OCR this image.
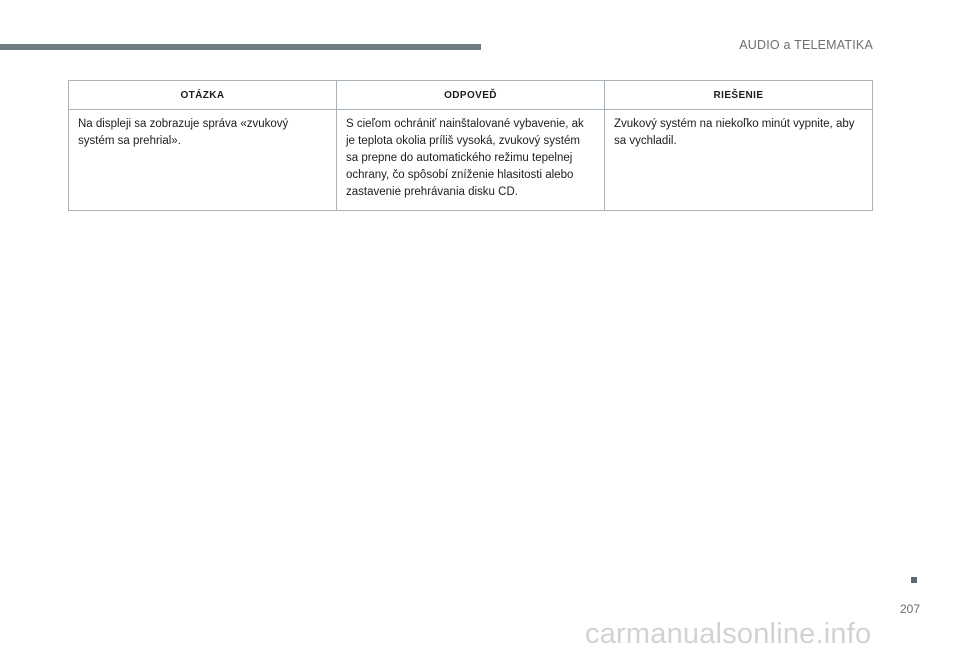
AUDIO a TELEMATIKA
OTÁZKA	ODPOVEĎ	RIEŠENIE
Na displeji sa zobrazuje správa «zvukový systém sa prehrial».	S cieľom ochrániť nainštalované vybavenie, ak je teplota okolia príliš vysoká, zvukový systém sa prepne do automatického režimu tepelnej ochrany, čo spôsobí zníženie hlasitosti alebo zastavenie prehrávania disku CD.	Zvukový systém na niekoľko minút vypnite, aby sa vychladil.
207
carmanualsonline.info
